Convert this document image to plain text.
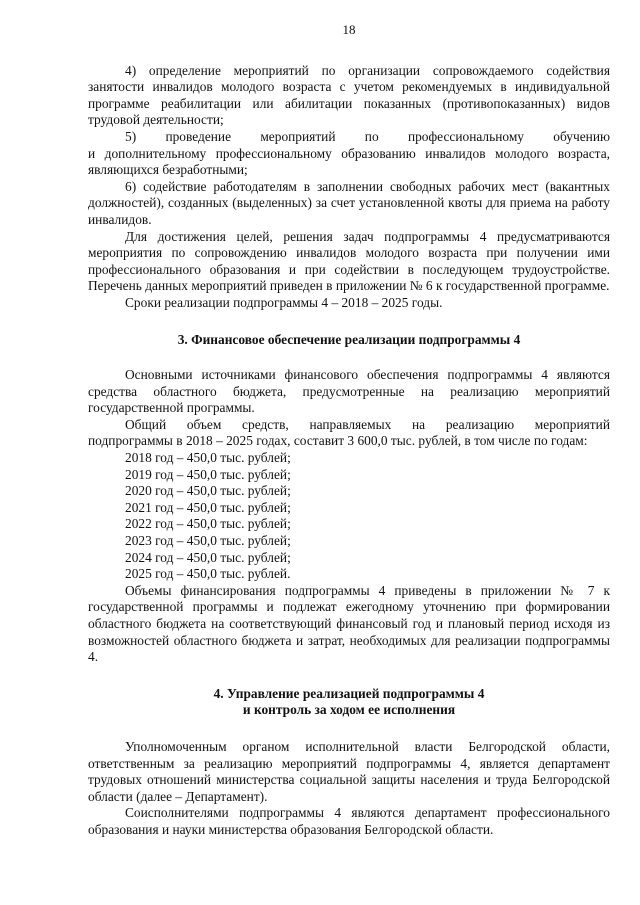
18

4) определение мероприятий по организации сопровождаемого содействия занятости инвалидов молодого возраста с учетом рекомендуемых в индивидуальной программе реабилитации или абилитации показанных (противопоказанных) видов трудовой деятельности;

5) проведение мероприятий по профессиональному обучению

и дополнительному профессиональному образованию инвалидов молодого возраста, являющихся безработными;

6) содействие работодателям в заполнении свободных рабочих мест (вакантных должностей), созданных (выделенных) за счет установленной квоты для приема на работу инвалидов.

Для достижения целей, решения задач подпрограммы 4 предусматриваются мероприятия по сопровождению инвалидов молодого возраста при получении ими профессионального образования и при содействии в последующем трудоустройстве. Перечень данных мероприятий приведен в приложении № 6 к государственной программе.

Сроки реализации подпрограммы 4 – 2018 – 2025 годы.

3. Финансовое обеспечение реализации подпрограммы 4

Основными источниками финансового обеспечения подпрограммы 4 являются средства областного бюджета, предусмотренные на реализацию мероприятий государственной программы.

Общий объем средств, направляемых на реализацию мероприятий

подпрограммы в 2018 – 2025 годах, составит 3 600,0 тыс. рублей, в том числе по годам:

2018 год – 450,0 тыс. рублей;
2019 год – 450,0 тыс. рублей;
2020 год – 450,0 тыс. рублей;
2021 год – 450,0 тыс. рублей;
2022 год – 450,0 тыс. рублей;
2023 год – 450,0 тыс. рублей;
2024 год – 450,0 тыс. рублей;
2025 год – 450,0 тыс. рублей.

Объемы финансирования подпрограммы 4 приведены в приложении № 7 к государственной программы и подлежат ежегодному уточнению при формировании областного бюджета на соответствующий финансовый год и плановый период исходя из возможностей областного бюджета и затрат, необходимых для реализации подпрограммы 4.

4. Управление реализацией подпрограммы 4
и контроль за ходом ее исполнения

Уполномоченным органом исполнительной власти Белгородской области, ответственным за реализацию мероприятий подпрограммы 4, является департамент трудовых отношений министерства социальной защиты населения и труда Белгородской области (далее – Департамент).

Соисполнителями подпрограммы 4 являются департамент профессионального образования и науки министерства образования Белгородской области.
